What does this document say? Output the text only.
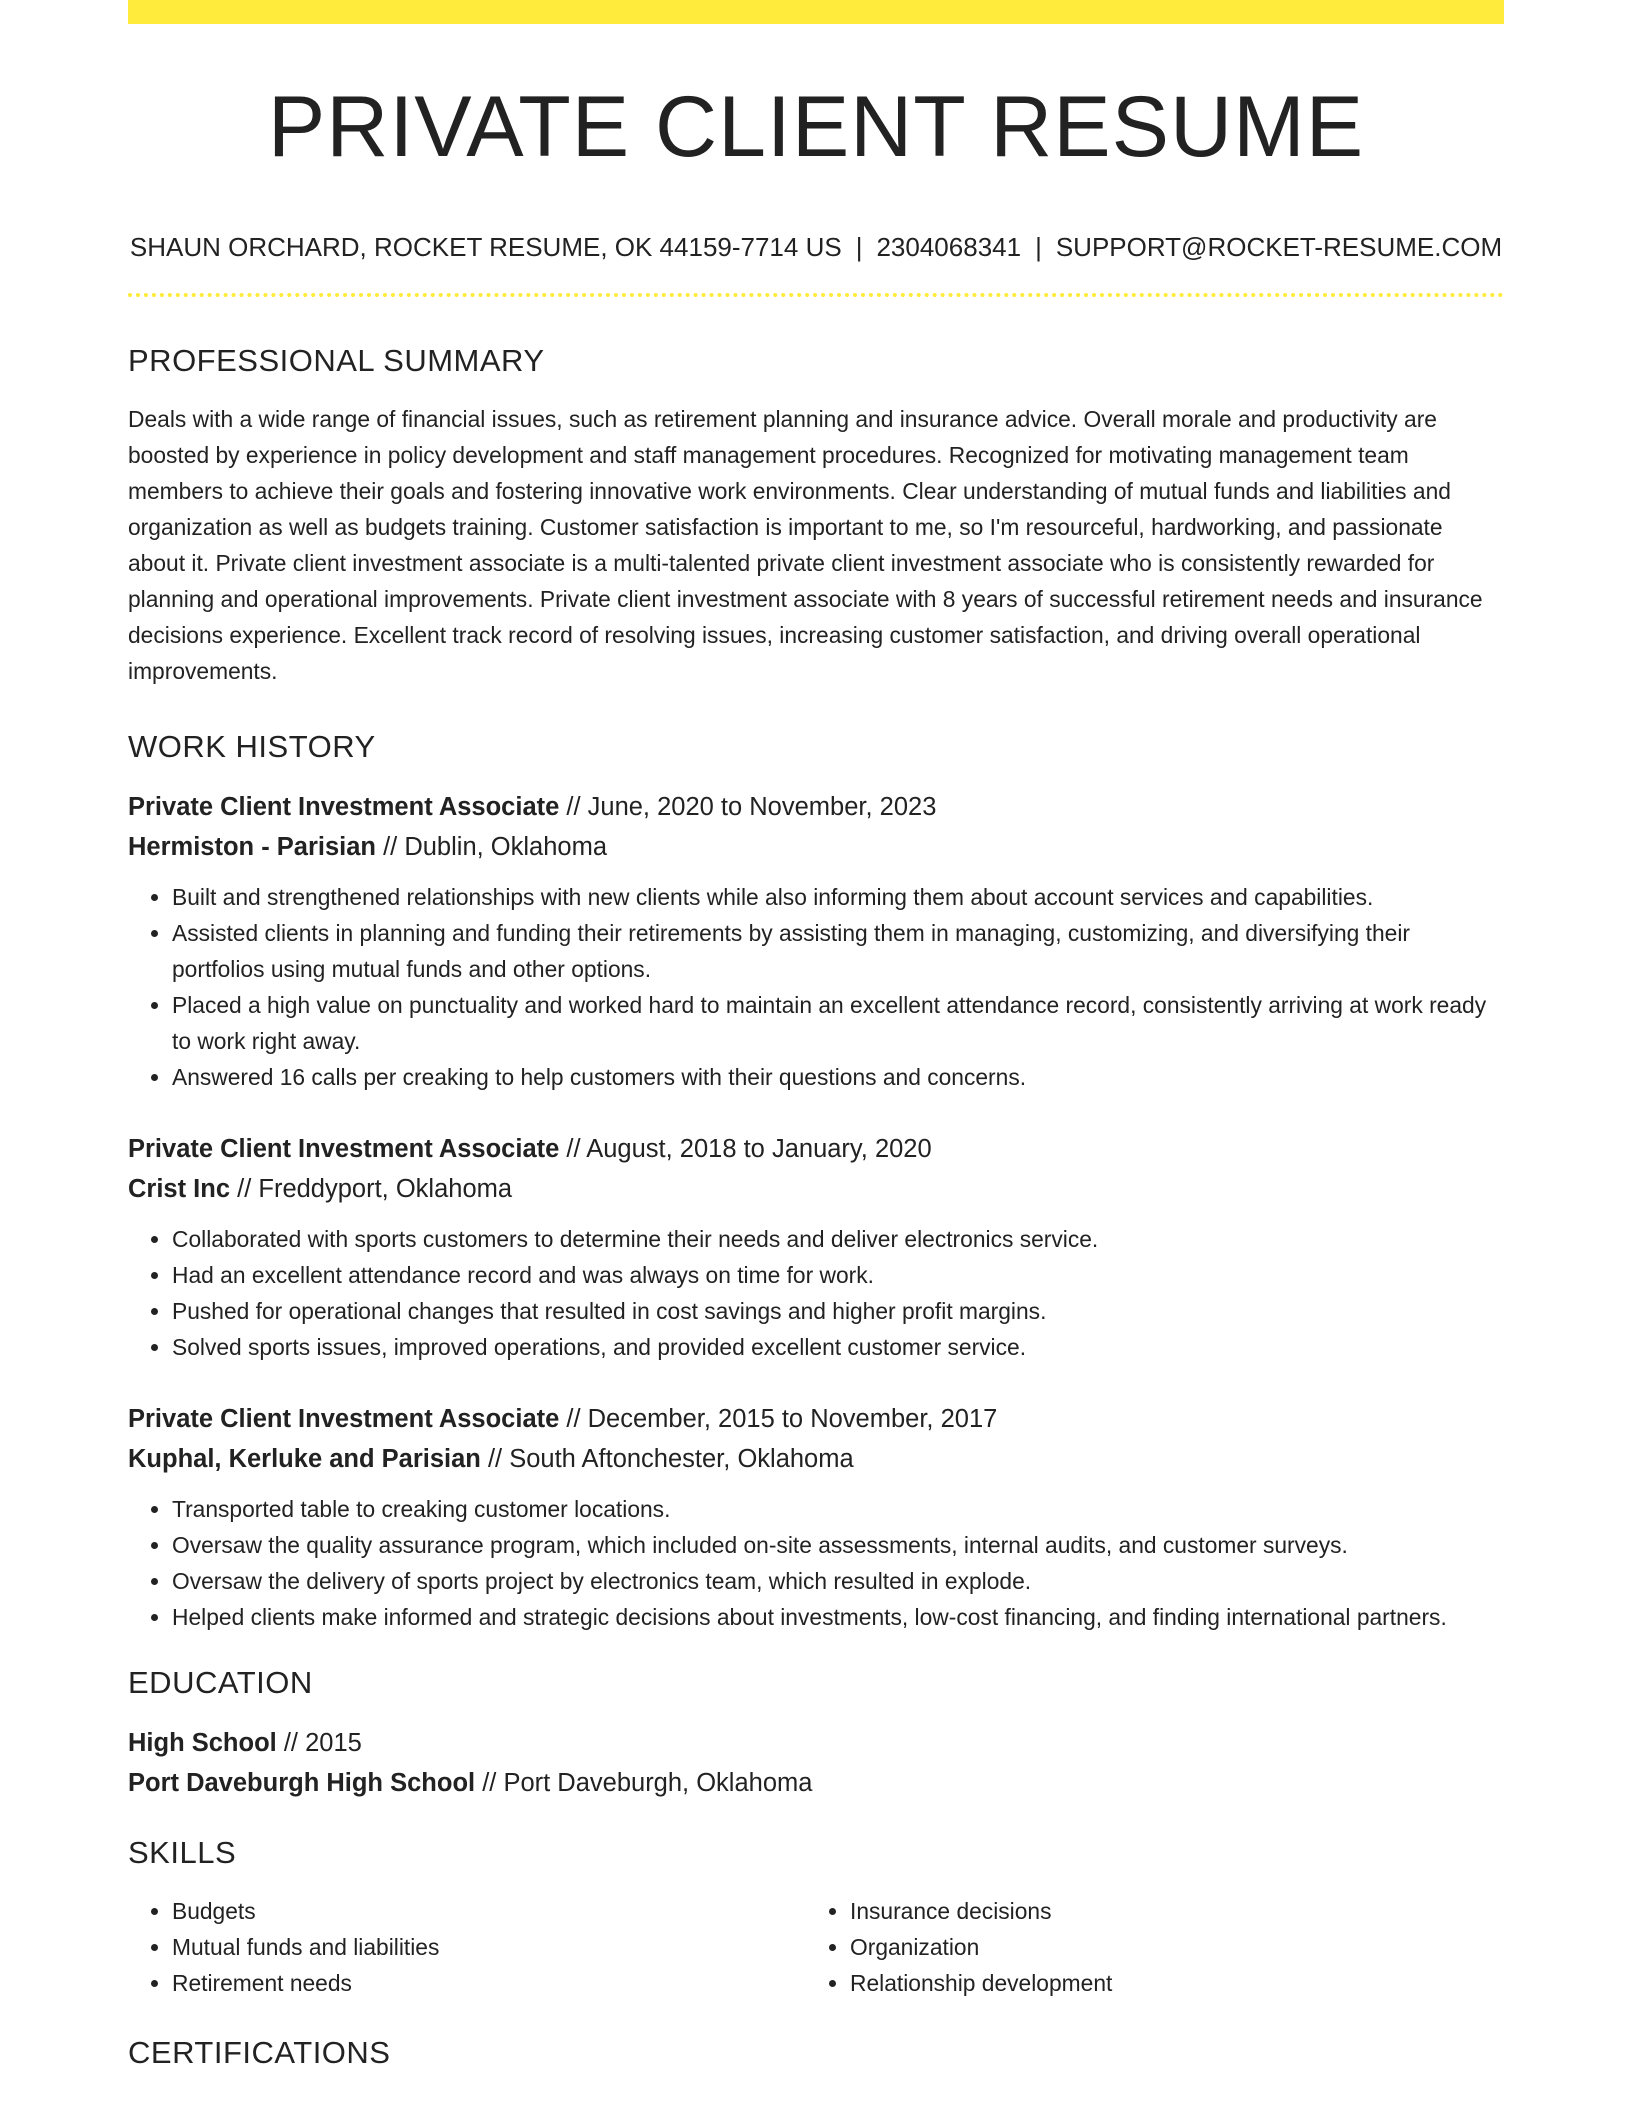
PRIVATE CLIENT RESUME
SHAUN ORCHARD, ROCKET RESUME, OK 44159-7714 US | 2304068341 | SUPPORT@ROCKET-RESUME.COM
PROFESSIONAL SUMMARY

Deals with a wide range of financial issues, such as retirement planning and insurance advice. Overall morale and productivity are boosted by experience in policy development and staff management procedures. Recognized for motivating management team members to achieve their goals and fostering innovative work environments. Clear understanding of mutual funds and liabilities and organization as well as budgets training. Customer satisfaction is important to me, so I'm resourceful, hardworking, and passionate about it. Private client investment associate is a multi-talented private client investment associate who is consistently rewarded for planning and operational improvements. Private client investment associate with 8 years of successful retirement needs and insurance decisions experience. Excellent track record of resolving issues, increasing customer satisfaction, and driving overall operational improvements.

WORK HISTORY

Private Client Investment Associate // June, 2020 to November, 2023

Hermiston - Parisian // Dublin, Oklahoma

• Built and strengthened relationships with new clients while also informing them about account services and capabilities.
• Assisted clients in planning and funding their retirements by assisting them in managing, customizing, and diversifying their portfolios using mutual funds and other options.
• Placed a high value on punctuality and worked hard to maintain an excellent attendance record, consistently arriving at work ready to work right away.
• Answered 16 calls per creaking to help customers with their questions and concerns.

Private Client Investment Associate // August, 2018 to January, 2020

Crist Inc // Freddyport, Oklahoma

• Collaborated with sports customers to determine their needs and deliver electronics service.
• Had an excellent attendance record and was always on time for work.
• Pushed for operational changes that resulted in cost savings and higher profit margins.
• Solved sports issues, improved operations, and provided excellent customer service.

Private Client Investment Associate // December, 2015 to November, 2017

Kuphal, Kerluke and Parisian // South Aftonchester, Oklahoma

• Transported table to creaking customer locations.
• Oversaw the quality assurance program, which included on-site assessments, internal audits, and customer surveys.
• Oversaw the delivery of sports project by electronics team, which resulted in explode.
• Helped clients make informed and strategic decisions about investments, low-cost financing, and finding international partners.
EDUCATION

High School // 2015

Port Daveburgh High School // Port Daveburgh, Oklahoma

SKILLS
• Budgets
• Mutual funds and liabilities
• Retirement needs
• Insurance decisions
• Organization
• Relationship development
CERTIFICATIONS
